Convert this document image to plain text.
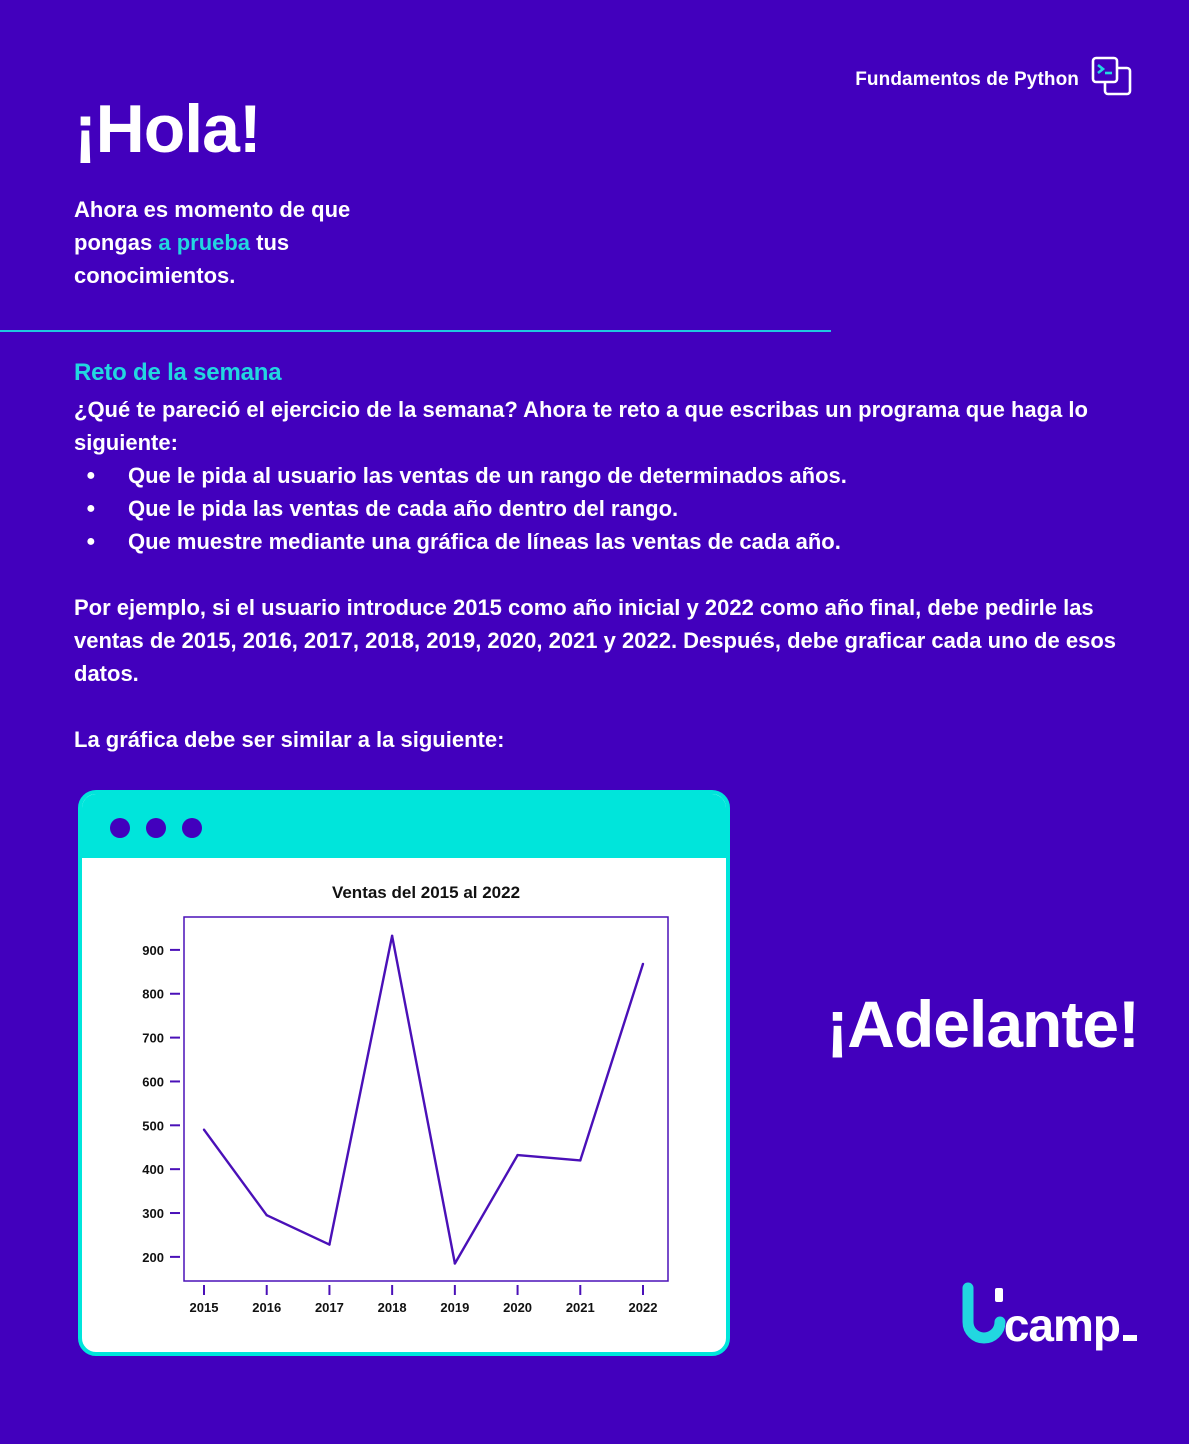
Fundamentos de Python
¡Hola!
Ahora es momento de que pongas a prueba tus conocimientos.
Reto de la semana

¿Qué te pareció el ejercicio de la semana? Ahora te reto a que escribas un programa que haga lo siguiente:

● Que le pida al usuario las ventas de un rango de determinados años.
● Que le pida las ventas de cada año dentro del rango.
● Que muestre mediante una gráfica de líneas las ventas de cada año.

Por ejemplo, si el usuario introduce 2015 como año inicial y 2022 como año final, debe pedirle las ventas de 2015, 2016, 2017, 2018, 2019, 2020, 2021 y 2022. Después, debe graficar cada uno de esos datos.

La gráfica debe ser similar a la siguiente:

Ventas del 2015 al 2022
200
300
400
500
600
700
800
900
2015	2016	2017	2018	2019	2020	2021	2022
¡Adelante!
camp
